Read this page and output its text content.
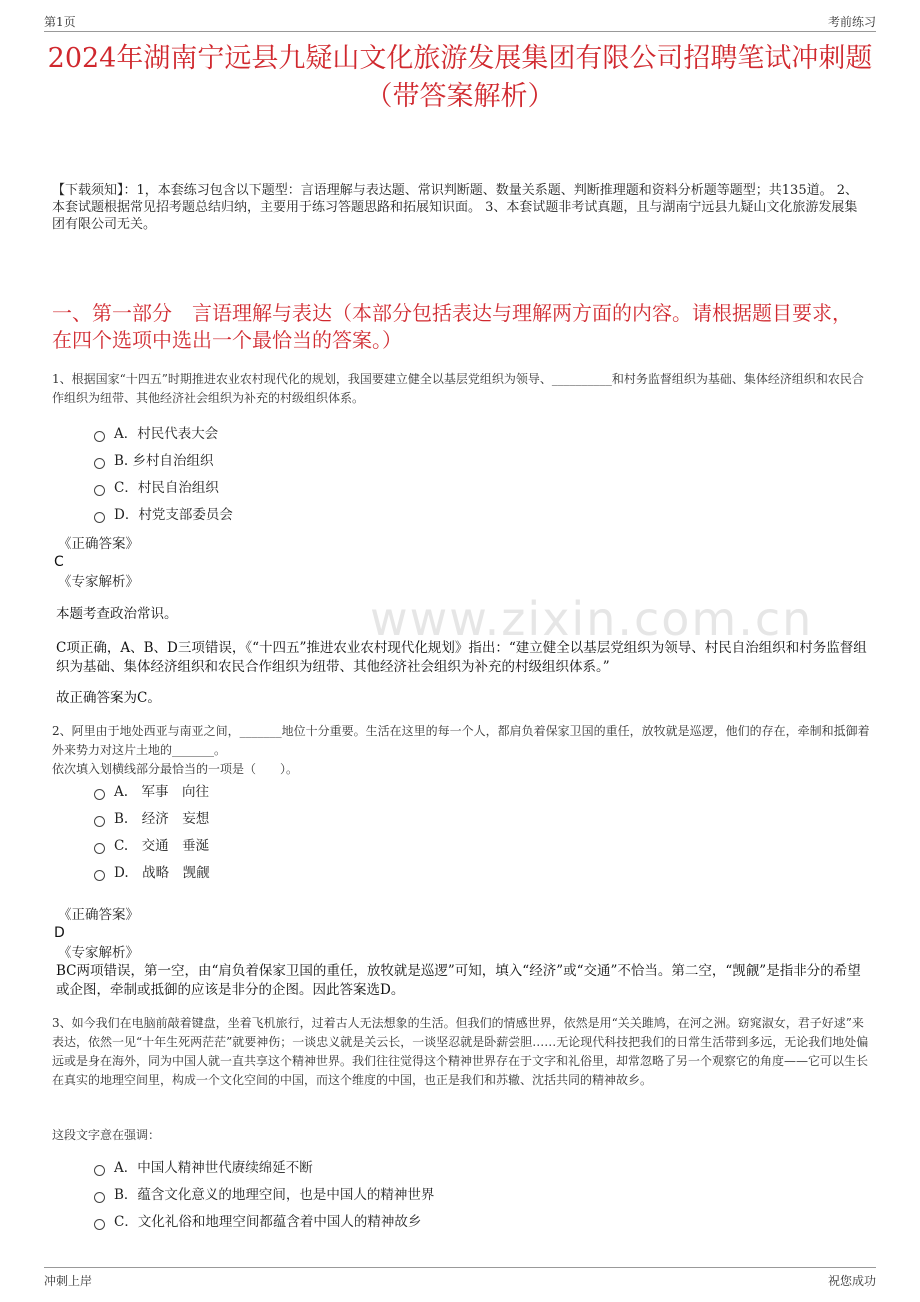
第1页	考前练习
2024年湖南宁远县九疑山文化旅游发展集团有限公司招聘笔试冲刺题（带答案解析）
【下载须知】：1，本套练习包含以下题型：言语理解与表达题、常识判断题、数量关系题、判断推理题和资料分析题等题型；共135道。 2、本套试题根据常见招考题总结归纳，主要用于练习答题思路和拓展知识面。 3、本套试题非考试真题，且与湖南宁远县九疑山文化旅游发展集团有限公司无关。
一、第一部分　言语理解与表达（本部分包括表达与理解两方面的内容。请根据题目要求，在四个选项中选出一个最恰当的答案。）
www.zixin.com.cn
1、根据国家“十四五”时期推进农业农村现代化的规划，我国要建立健全以基层党组织为领导、__________和村务监督组织为基础、集体经济组织和农民合作组织为纽带、其他经济社会组织为补充的村级组织体系。
A．村民代表大会
B. 乡村自治组织
C．村民自治组织
D．村党支部委员会
《正确答案》
C
《专家解析》
本题考查政治常识。
C项正确，A、B、D三项错误，《“十四五”推进农业农村现代化规划》指出：“建立健全以基层党组织为领导、村民自治组织和村务监督组织为基础、集体经济组织和农民合作组织为纽带、其他经济社会组织为补充的村级组织体系。”
故正确答案为C。
2、阿里由于地处西亚与南亚之间，_______地位十分重要。生活在这里的每一个人，都肩负着保家卫国的重任，放牧就是巡逻，他们的存在，牵制和抵御着外来势力对这片土地的_______。
依次填入划横线部分最恰当的一项是（　　）。
A.　军事　向往
B.　经济　妄想
C.　交通　垂涎
D.　战略　觊觎
《正确答案》
D
《专家解析》
BC两项错误，第一空，由“肩负着保家卫国的重任，放牧就是巡逻”可知，填入“经济”或“交通”不恰当。第二空，“觊觎”是指非分的希望或企图，牵制或抵御的应该是非分的企图。因此答案选D。
3、如今我们在电脑前敲着键盘，坐着飞机旅行，过着古人无法想象的生活。但我们的情感世界，依然是用“关关雎鸠，在河之洲。窈窕淑女，君子好逑”来表达，依然一见“十年生死两茫茫”就要神伤；一谈忠义就是关云长，一谈坚忍就是卧薪尝胆……无论现代科技把我们的日常生活带到多远，无论我们地处偏远或是身在海外，同为中国人就一直共享这个精神世界。我们往往觉得这个精神世界存在于文字和礼俗里，却常忽略了另一个观察它的角度——它可以生长在真实的地理空间里，构成一个文化空间的中国，而这个维度的中国，也正是我们和苏辙、沈括共同的精神故乡。
这段文字意在强调：
A．中国人精神世代赓续绵延不断
B．蕴含文化意义的地理空间，也是中国人的精神世界
C．文化礼俗和地理空间都蕴含着中国人的精神故乡
冲刺上岸	祝您成功
